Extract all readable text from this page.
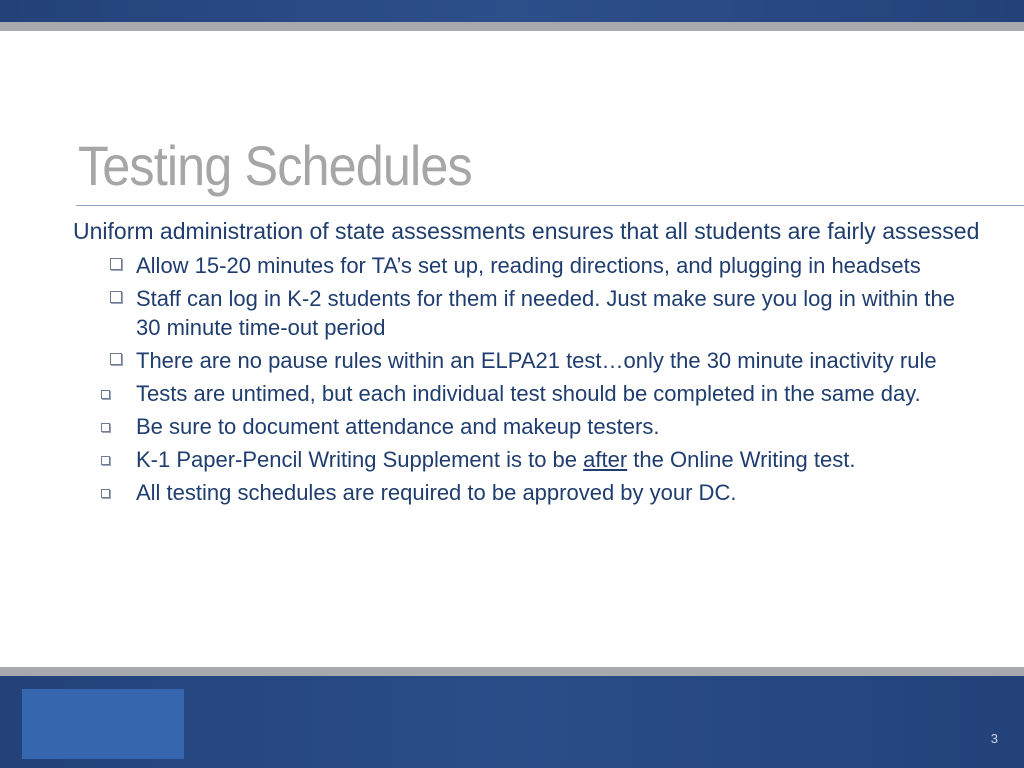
Testing Schedules

Uniform administration of state assessments ensures that all students are fairly assessed

Allow 15-20 minutes for TA’s set up, reading directions, and plugging in headsets
Staff can log in K-2 students for them if needed. Just make sure you log in within the 30 minute time-out period
There are no pause rules within an ELPA21 test…only the 30 minute inactivity rule
Tests are untimed, but each individual test should be completed in the same day.
Be sure to document attendance and makeup testers.
K-1 Paper-Pencil Writing Supplement is to be after the Online Writing test.
All testing schedules are required to be approved by your DC.
3
